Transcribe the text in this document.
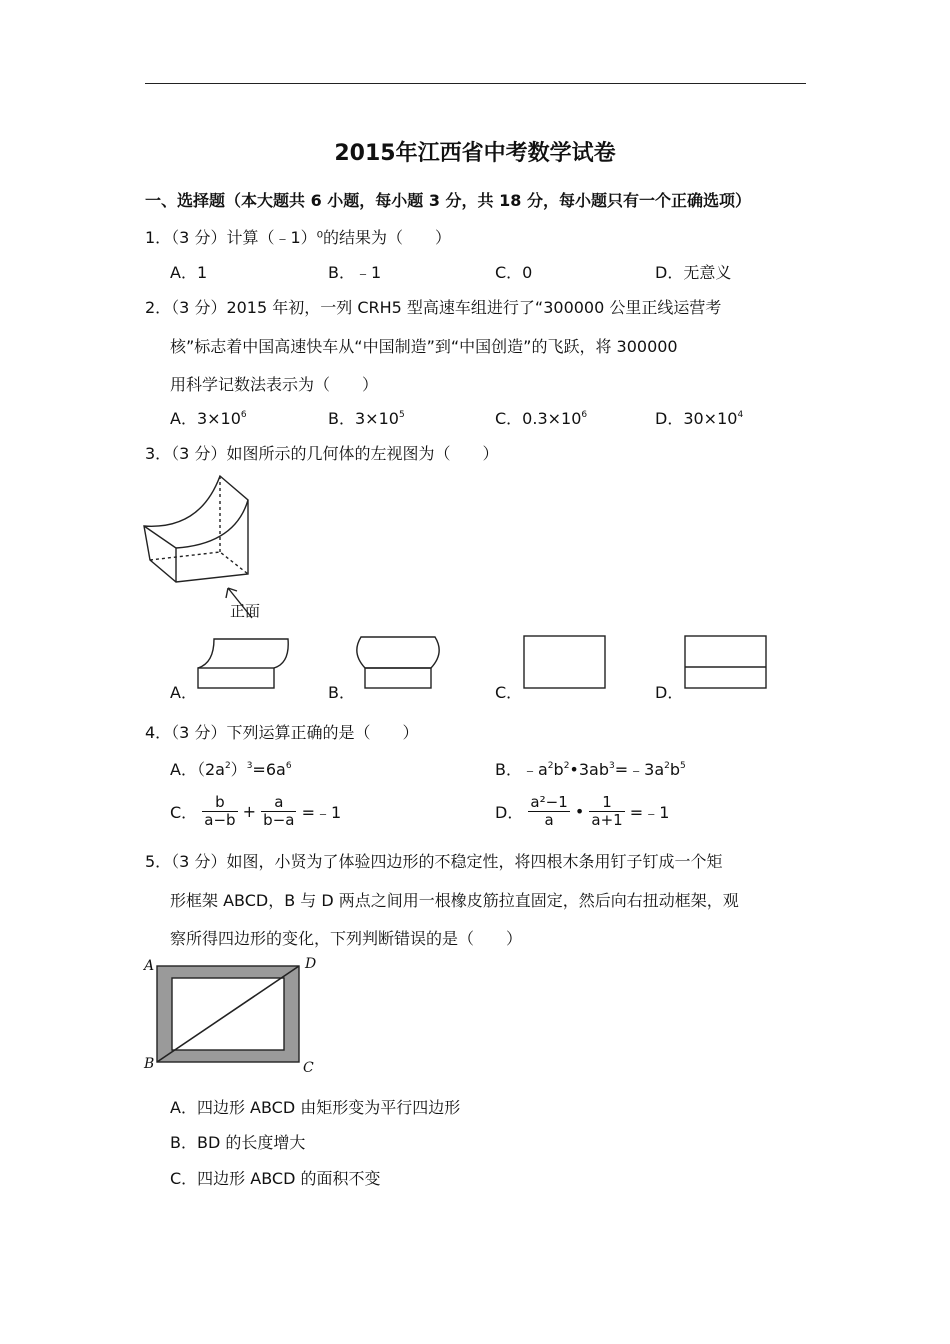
2015年江西省中考数学试卷
一、选择题（本大题共 6 小题，每小题 3 分，共 18 分，每小题只有一个正确选项）
1．（3 分）计算（﹣1）⁰的结果为（　　）
A．1	B．﹣1	C．0	D．无意义
2．（3 分）2015 年初，一列 CRH5 型高速车组进行了“300000 公里正线运营考
核”标志着中国高速快车从“中国制造”到“中国创造”的飞跃，将 300000
用科学记数法表示为（　　）
A．$3\times 10^6$	B．$3\times 10^5$	C．$0.3\times 10^6$	D．$30\times 10^4$
3．（3 分）如图所示的几何体的左视图为（　　）
正面
A．	B．	C．	D．
4．（3 分）下列运算正确的是（　　）
A．$(2a^2)^3=6a^6$	B．$﹣a^2b^2•3ab^3=﹣3a^2b^5$
C． $\frac{b}{a-b} + \frac{a}{b-a}$ =﹣1	D． $\frac{\text{a²−1}}{a}$ • $\frac{1}{a+1}$ =﹣1
5．（3 分）如图，小贤为了体验四边形的不稳定性，将四根木条用钉子钉成一个矩
形框架 ABCD，B 与 D 两点之间用一根橡皮筋拉直固定，然后向右扭动框架，观
察所得四边形的变化，下列判断错误的是（　　）
A	D
B	C
A．四边形 ABCD 由矩形变为平行四边形
B．BD 的长度增大
C．四边形 ABCD 的面积不变
